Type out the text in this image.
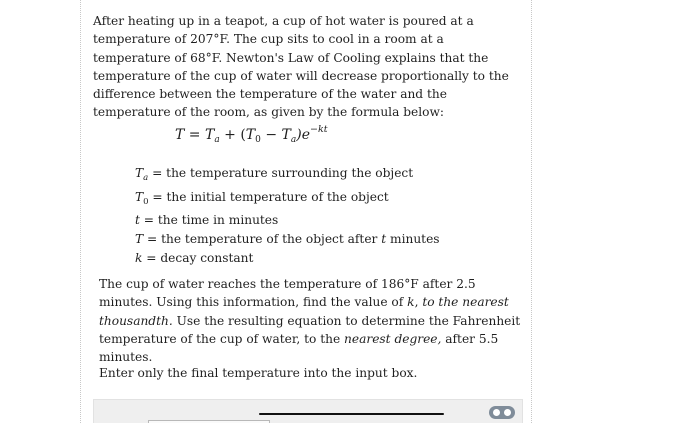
After heating up in a teapot, a cup of hot water is poured at a temperature of 207°F. The cup sits to cool in a room at a temperature of 68°F. Newton's Law of Cooling explains that the temperature of the cup of water will decrease proportionally to the difference between the temperature of the water and the temperature of the room, as given by the formula below:
$T = T_a + (T_0 - T_a)e^{-kt}$
$T_a$ = the temperature surrounding the object
$T_0$ = the initial temperature of the object
t = the time in minutes
T = the temperature of the object after t minutes
k = decay constant
The cup of water reaches the temperature of 186°F after 2.5 minutes. Using this information, find the value of k, to the nearest thousandth. Use the resulting equation to determine the Fahrenheit temperature of the cup of water, to the nearest degree, after 5.5 minutes.
Enter only the final temperature into the input box.
